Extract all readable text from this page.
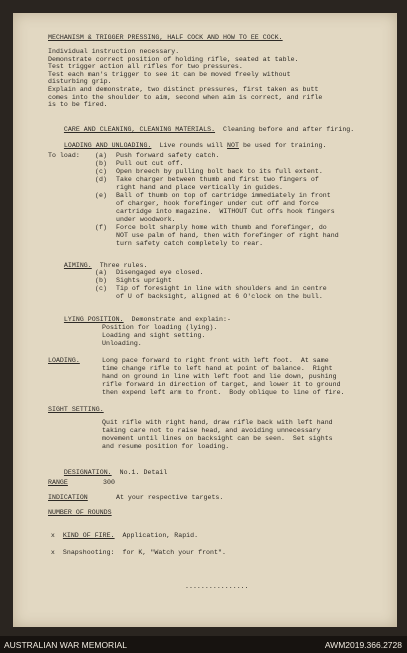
MECHANISM & TRIGGER PRESSING, HALF COCK AND HOW TO EE COCK.
Individual instruction necessary.
Demonstrate correct position of holding rifle, seated at table.
Test trigger action all rifles for two pressures.
Test each man's trigger to see it can be moved freely without
disturbing grip.
Explain and demonstrate, two distinct pressures, first taken as butt
comes into the shoulder to aim, second when aim is correct, and rifle
is to be fired.

CARE AND CLEANING, CLEANING MATERIALS. Cleaning before and after firing.

LOADING AND UNLOADING. Live rounds will NOT be used for training.

To load: (a) Push forward safety catch.
(b) Pull out cut off.
(c) Open breech by pulling bolt back to its full extent.
(d) Take charger between thumb and first two fingers of
right hand and place vertically in guides.
(e) Ball of thumb on top of cartridge immediately in front
of charger, hook forefinger under cut off and force
cartridge into magazine.  WITHOUT Cut offs hook fingers
under woodwork.
(f) Force bolt sharply home with thumb and forefinger, do
NOT use palm of hand, then with forefinger of right hand
turn safety catch completely to rear.

AIMING. Three rules.

(a) Disengaged eye closed.
(b) Sights upright
(c) Tip of foresight in line with shoulders and in centre
of U of backsight, aligned at 6 O'clock on the bull.

LYING POSITION. Demonstrate and explain:-

Position for loading (lying).
Loading and sight setting.
Unloading.
LOADING.	Long pace forward to right front with left foot.  At same
time change rifle to left hand at point of balance.  Right
hand on ground in line with left foot and lie down, pushing
rifle forward in direction of target, and lower it to ground
then expend left arm to front.  Body oblique to line of fire.
SIGHT SETTING.
Quit rifle with right hand, draw rifle back with left hand
taking care not to raise head, and avoiding unnecessary
movement until lines on backsight can be seen.  Set sights
and resume position for loading.

DESIGNATION. No.1. Detail

RANGE	300
INDICATION	At your respective targets.
NUMBER OF ROUNDS

x KIND OF FIRE. Application, Rapid.

x Snapshooting:  for K, "Watch your front".

................
AUSTRALIAN WAR MEMORIAL	AWM2019.366.2728
